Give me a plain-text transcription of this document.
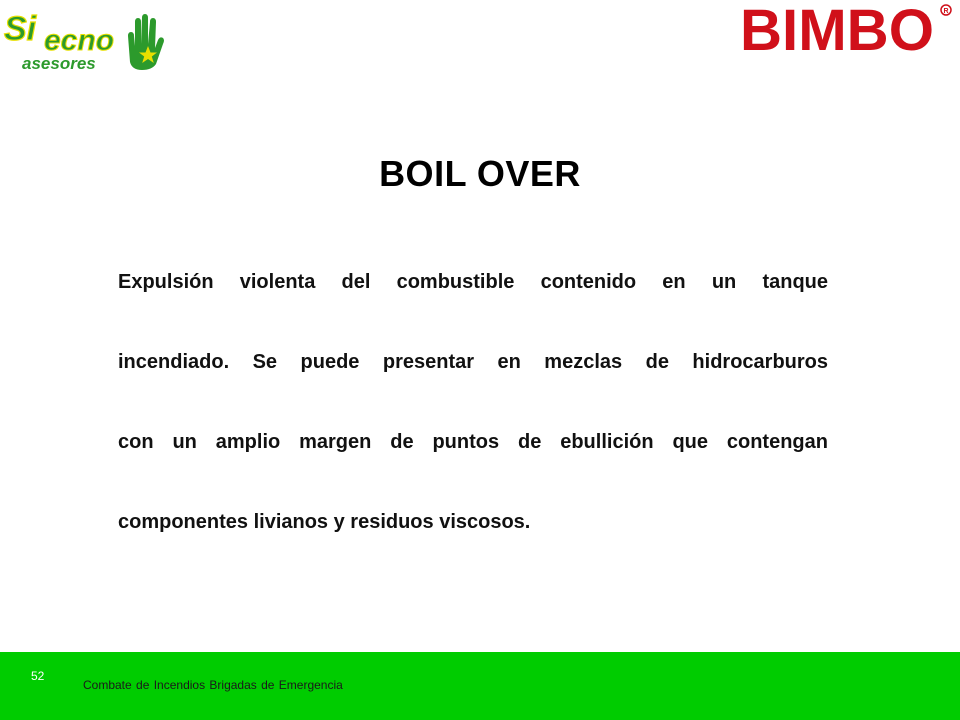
Si ecno
asesores
BIMBO R
BOIL OVER
Expulsión violenta del combustible contenido en un tanque
incendiado. Se puede presentar en mezclas de hidrocarburos
con un amplio margen de puntos de ebullición que contengan
componentes livianos y residuos viscosos.
52
Combate de Incendios Brigadas de Emergencia
